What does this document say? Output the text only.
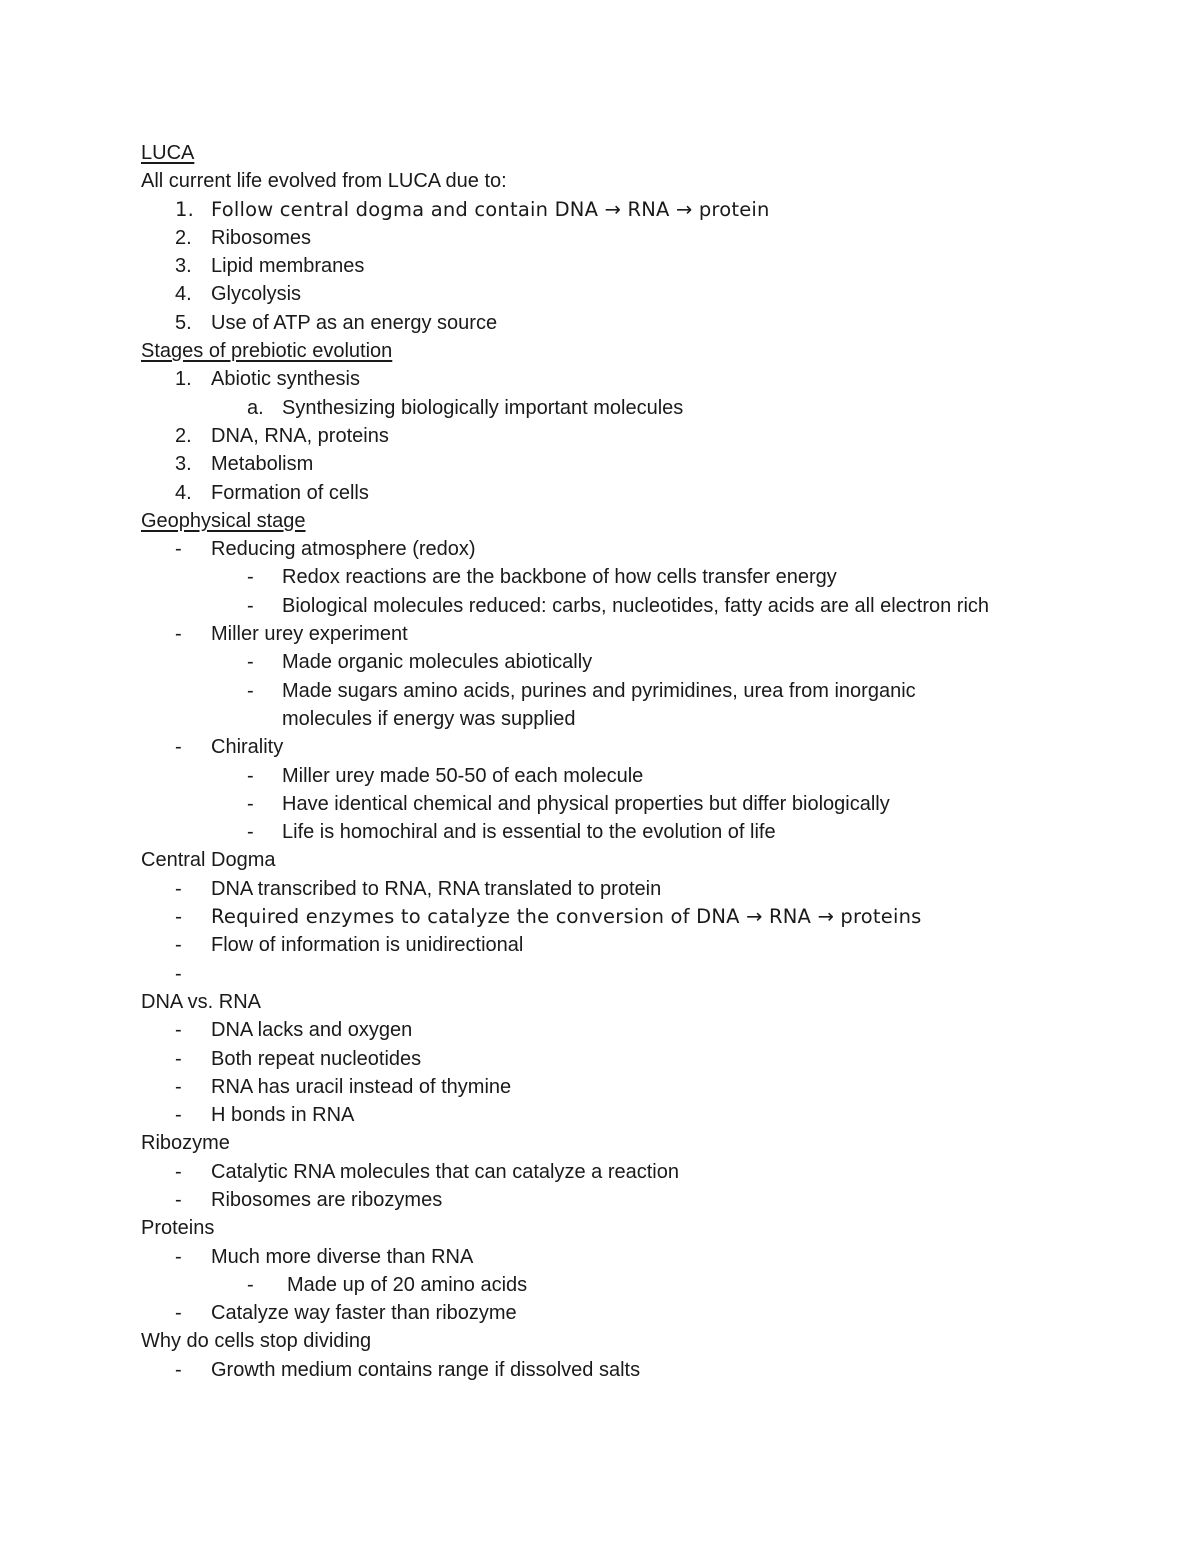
LUCA
All current life evolved from LUCA due to:
1. Follow central dogma and contain DNA → RNA → protein
2. Ribosomes
3. Lipid membranes
4. Glycolysis
5. Use of ATP as an energy source
Stages of prebiotic evolution
1. Abiotic synthesis
a. Synthesizing biologically important molecules
2. DNA, RNA, proteins
3. Metabolism
4. Formation of cells
Geophysical stage
- Reducing atmosphere (redox)
- Redox reactions are the backbone of how cells transfer energy
- Biological molecules reduced: carbs, nucleotides, fatty acids are all electron rich
- Miller urey experiment
- Made organic molecules abiotically
- Made sugars amino acids, purines and pyrimidines, urea from inorganic
molecules if energy was supplied
- Chirality
- Miller urey made 50-50 of each molecule
- Have identical chemical and physical properties but differ biologically
- Life is homochiral and is essential to the evolution of life
Central Dogma
- DNA transcribed to RNA, RNA translated to protein
- Required enzymes to catalyze the conversion of DNA → RNA → proteins
- Flow of information is unidirectional
-
DNA vs. RNA
- DNA lacks and oxygen
- Both repeat nucleotides
- RNA has uracil instead of thymine
- H bonds in RNA
Ribozyme
- Catalytic RNA molecules that can catalyze a reaction
- Ribosomes are ribozymes
Proteins
- Much more diverse than RNA
- Made up of 20 amino acids
- Catalyze way faster than ribozyme
Why do cells stop dividing
- Growth medium contains range if dissolved salts
